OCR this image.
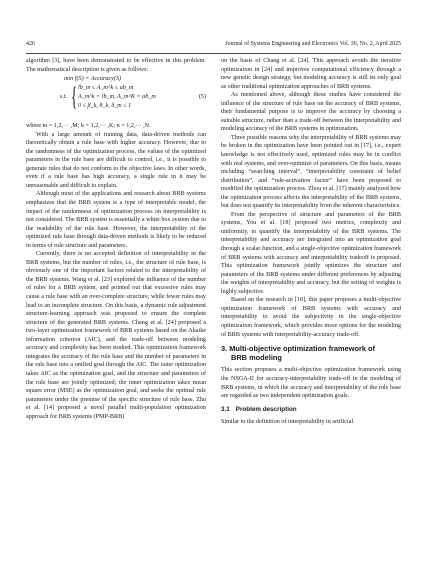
426	Journal of Systems Engineering and Electronics Vol. 36, No. 2, April 2025

algorithm [3], have been demonstrated to be effective in this problem. The mathematical description is given as follows:

min f(S) = Accuracy(S)
s.t. { lb_m ≤ A_m^k ≤ ub_m
A_m^k = lb_m, A_m^K = ub_m
0 ≤ β_k, θ_k, δ_m ≤ 1
(5)

where m = 1,2,··· ,M; k = 1,2,··· ,K; n = 1,2,··· ,N.

With a large amount of training data, data-driven methods can theoretically obtain a rule base with higher accuracy. However, due to the randomness of the optimization process, the values of the optimized parameters in the rule base are difficult to control, i.e., it is possible to generate rules that do not conform to the objective laws. In other words, even if a rule base has high accuracy, a single rule in it may be unreasonable and difficult to explain.

Although most of the applications and research about BRB systems emphasizes that the BRB system is a type of interpretable model, the impact of the randomness of optimization process on interpretability is not considered. The BRB system is essentially a white box system due to the readability of the rule base. However, the interpretability of the optimized rule base through data-driven methods is likely to be reduced in terms of rule structure and parameters.

Currently, there is no accepted definition of interpretability in the BRB systems, but the number of rules, i.e., the structure of rule base, is obviously one of the important factors related to the interpretability of the BRB systems. Wang et al. [23] explored the influence of the number of rules for a BRB system, and pointed out that excessive rules may cause a rule base with an over-complete structure, while fewer rules may lead to an incomplete structure. On this basis, a dynamic rule adjustment structure-learning approach was proposed to ensure the complete structure of the generated BRB systems. Chang et al. [24] proposed a two-layer optimization framework of BRB systems based on the Akaike information criterion (AIC), and the trade-off between modeling accuracy and complexity has been studied. This optimization framework integrates the accuracy of the rule base and the number of parameters in the rule base into a unified goal through the AIC. The outer optimization takes AIC as the optimization goal, and the structure and parameters of the rule base are jointly optimized; the inner optimization takes mean square error (MSE) as the optimization goal, and seeks the optimal rule parameters under the premise of the specific structure of rule base. Zhu et al. [14] proposed a novel parallel multi-population optimization approach for BRB systems (PMP-BRB)

on the basis of Chang et al. [24]. This approach avoids the iterative optimization in [24] and improves computational efficiency through a new genetic design strategy, but modeling accuracy is still its only goal as other traditional optimization approaches of BRB systems.

As mentioned above, although these studies have considered the influence of the structure of rule base on the accuracy of BRB systems, their fundamental purpose is to improve the accuracy by choosing a suitable structure, rather than a trade-off between the interpretability and modeling accuracy of the BRB systems in optimization.

Three possible reasons why the interpretability of BRB systems may be broken in the optimization have been pointed out in [17], i.e., expert knowledge is not effectively used, optimized rules may be in conflict with real systems, and over-optimize of parameters. On this basis, means including “searching interval”, “interpretability constraint of belief distribution”, and “rule-activation factor” have been proposed to modified the optimization process. Zhou et al. [17] mainly analyzed how the optimization process affects the interpretability of the BRB systems, but does not quantify its interpretability from the inherent characteristics.

From the perspective of structure and parameters of the BRB systems, You et al. [18] proposed two metrics, complexity and uniformity, to quantify the interpretability of the BRB systems. The interpretability and accuracy are integrated into an optimization goal through a scalar function, and a single-objective optimization framework of BRB systems with accuracy and interpretability tradeoff is proposed. This optimization framework jointly optimizes the structure and parameters of the BRB systems under different preferences by adjusting the weights of interpretability and accuracy, but the setting of weights is highly subjective.

Based on the research in [18], this paper proposes a multi-objective optimization framework of BRB systems with accuracy and interpretability to avoid the subjectivity in the single-objective optimization framework, which provides more options for the modeling of BRB systems with interpretability-accuracy trade-off.

3. Multi-objective optimization framework of
BRB modeling

This section proposes a multi-objective optimization framework using the NSGA-II for accuracy-interpretability trade-off in the modeling of BRB systems, in which the accuracy and interpretability of the rule base are regarded as two independent optimization goals.

3.1 Problem description

Similar to the definition of interpretability in artificial
